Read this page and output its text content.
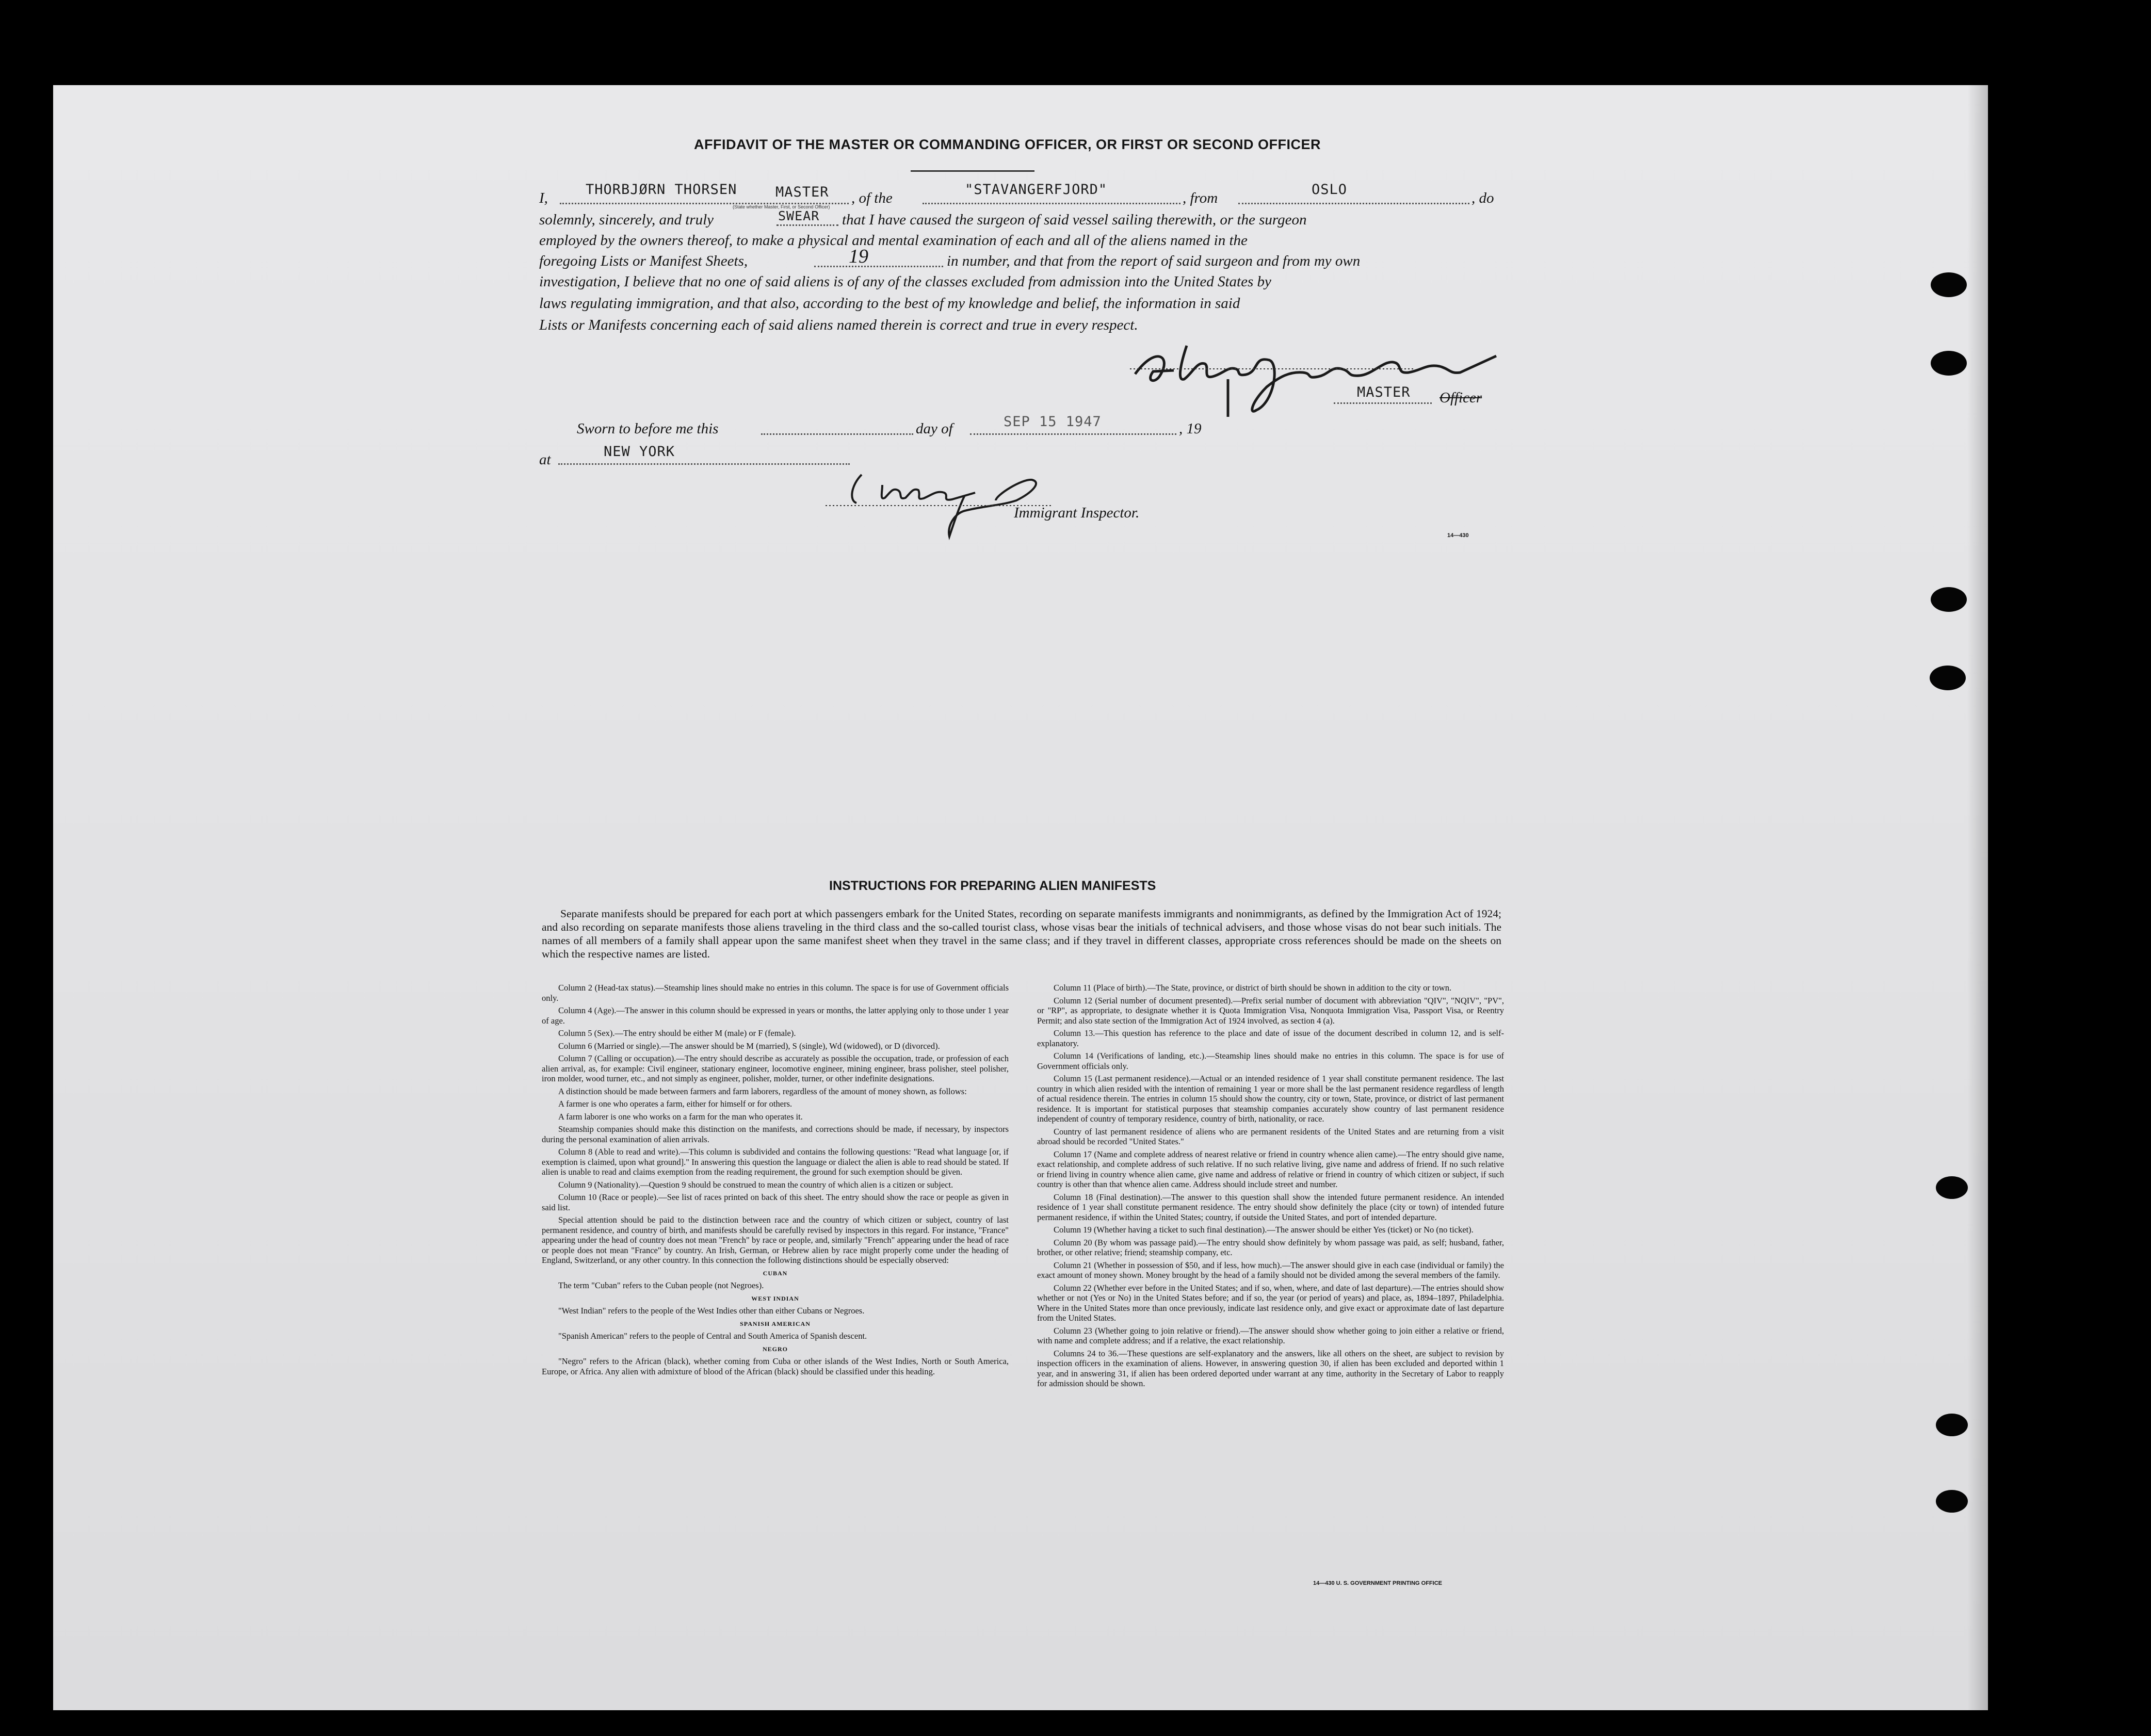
AFFIDAVIT OF THE MASTER OR COMMANDING OFFICER, OR FIRST OR SECOND OFFICER
I,
THORBJØRN THORSEN	MASTER
(State whether Master, First, or Second Officer)
, of the
"STAVANGERFJORD"
, from
OSLO
, do
solemnly, sincerely, and truly	SWEAR that I have caused the surgeon of said vessel sailing therewith, or the surgeon
employed by the owners thereof, to make a physical and mental examination of each and all of the aliens named in the
foregoing Lists or Manifest Sheets,	19	in number, and that from the report of said surgeon and from my own
investigation, I believe that no one of said aliens is of any of the classes excluded from admission into the United States by
laws regulating immigration, and that also, according to the best of my knowledge and belief, the information in said
Lists or Manifests concerning each of said aliens named therein is correct and true in every respect.
MASTER Officer
Sworn to before me this	day of	SEP 15 1947	, 19
at	NEW YORK
Immigrant Inspector.
14—430
INSTRUCTIONS FOR PREPARING ALIEN MANIFESTS

Separate manifests should be prepared for each port at which passengers embark for the United States, recording on separate manifests immigrants and nonimmigrants, as defined by the Immigration Act of 1924; and also recording on separate manifests those aliens traveling in the third class and the so-called tourist class, whose visas bear the initials of technical advisers, and those whose visas do not bear such initials. The names of all members of a family shall appear upon the same manifest sheet when they travel in the same class; and if they travel in different classes, appropriate cross references should be made on the sheets on which the respective names are listed.

Column 2 (Head-tax status).—Steamship lines should make no entries in this column. The space is for use of Government officials only.

Column 4 (Age).—The answer in this column should be expressed in years or months, the latter applying only to those under 1 year of age.

Column 5 (Sex).—The entry should be either M (male) or F (female).

Column 6 (Married or single).—The answer should be M (married), S (single), Wd (widowed), or D (divorced).

Column 7 (Calling or occupation).—The entry should describe as accurately as possible the occupation, trade, or profession of each alien arrival, as, for example: Civil engineer, stationary engineer, locomotive engineer, mining engineer, brass polisher, steel polisher, iron molder, wood turner, etc., and not simply as engineer, polisher, molder, turner, or other indefinite designations.

A distinction should be made between farmers and farm laborers, regardless of the amount of money shown, as follows:

A farmer is one who operates a farm, either for himself or for others.

A farm laborer is one who works on a farm for the man who operates it.

Steamship companies should make this distinction on the manifests, and corrections should be made, if necessary, by inspectors during the personal examination of alien arrivals.

Column 8 (Able to read and write).—This column is subdivided and contains the following questions: "Read what language [or, if exemption is claimed, upon what ground]." In answering this question the language or dialect the alien is able to read should be stated. If alien is unable to read and claims exemption from the reading requirement, the ground for such exemption should be given.

Column 9 (Nationality).—Question 9 should be construed to mean the country of which alien is a citizen or subject.

Column 10 (Race or people).—See list of races printed on back of this sheet. The entry should show the race or people as given in said list.

Special attention should be paid to the distinction between race and the country of which citizen or subject, country of last permanent residence, and country of birth, and manifests should be carefully revised by inspectors in this regard. For instance, "France" appearing under the head of country does not mean "French" by race or people, and, similarly "French" appearing under the head of race or people does not mean "France" by country. An Irish, German, or Hebrew alien by race might properly come under the heading of England, Switzerland, or any other country. In this connection the following distinctions should be especially observed:

CUBAN

The term "Cuban" refers to the Cuban people (not Negroes).

WEST INDIAN

"West Indian" refers to the people of the West Indies other than either Cubans or Negroes.

SPANISH AMERICAN

"Spanish American" refers to the people of Central and South America of Spanish descent.

NEGRO

"Negro" refers to the African (black), whether coming from Cuba or other islands of the West Indies, North or South America, Europe, or Africa. Any alien with admixture of blood of the African (black) should be classified under this heading.

Column 11 (Place of birth).—The State, province, or district of birth should be shown in addition to the city or town.

Column 12 (Serial number of document presented).—Prefix serial number of document with abbreviation "QIV", "NQIV", "PV", or "RP", as appropriate, to designate whether it is Quota Immigration Visa, Nonquota Immigration Visa, Passport Visa, or Reentry Permit; and also state section of the Immigration Act of 1924 involved, as section 4 (a).

Column 13.—This question has reference to the place and date of issue of the document described in column 12, and is self-explanatory.

Column 14 (Verifications of landing, etc.).—Steamship lines should make no entries in this column. The space is for use of Government officials only.

Column 15 (Last permanent residence).—Actual or an intended residence of 1 year shall constitute permanent residence. The last country in which alien resided with the intention of remaining 1 year or more shall be the last permanent residence regardless of length of actual residence therein. The entries in column 15 should show the country, city or town, State, province, or district of last permanent residence. It is important for statistical purposes that steamship companies accurately show country of last permanent residence independent of country of temporary residence, country of birth, nationality, or race.

Country of last permanent residence of aliens who are permanent residents of the United States and are returning from a visit abroad should be recorded "United States."

Column 17 (Name and complete address of nearest relative or friend in country whence alien came).—The entry should give name, exact relationship, and complete address of such relative. If no such relative living, give name and address of friend. If no such relative or friend living in country whence alien came, give name and address of relative or friend in country of which citizen or subject, if such country is other than that whence alien came. Address should include street and number.

Column 18 (Final destination).—The answer to this question shall show the intended future permanent residence. An intended residence of 1 year shall constitute permanent residence. The entry should show definitely the place (city or town) of intended future permanent residence, if within the United States; country, if outside the United States, and port of intended departure.

Column 19 (Whether having a ticket to such final destination).—The answer should be either Yes (ticket) or No (no ticket).

Column 20 (By whom was passage paid).—The entry should show definitely by whom passage was paid, as self; husband, father, brother, or other relative; friend; steamship company, etc.

Column 21 (Whether in possession of $50, and if less, how much).—The answer should give in each case (individual or family) the exact amount of money shown. Money brought by the head of a family should not be divided among the several members of the family.

Column 22 (Whether ever before in the United States; and if so, when, where, and date of last departure).—The entries should show whether or not (Yes or No) in the United States before; and if so, the year (or period of years) and place, as, 1894–1897, Philadelphia. Where in the United States more than once previously, indicate last residence only, and give exact or approximate date of last departure from the United States.

Column 23 (Whether going to join relative or friend).—The answer should show whether going to join either a relative or friend, with name and complete address; and if a relative, the exact relationship.

Columns 24 to 36.—These questions are self-explanatory and the answers, like all others on the sheet, are subject to revision by inspection officers in the examination of aliens. However, in answering question 30, if alien has been excluded and deported within 1 year, and in answering 31, if alien has been ordered deported under warrant at any time, authority in the Secretary of Labor to reapply for admission should be shown.

14—430 U. S. GOVERNMENT PRINTING OFFICE
